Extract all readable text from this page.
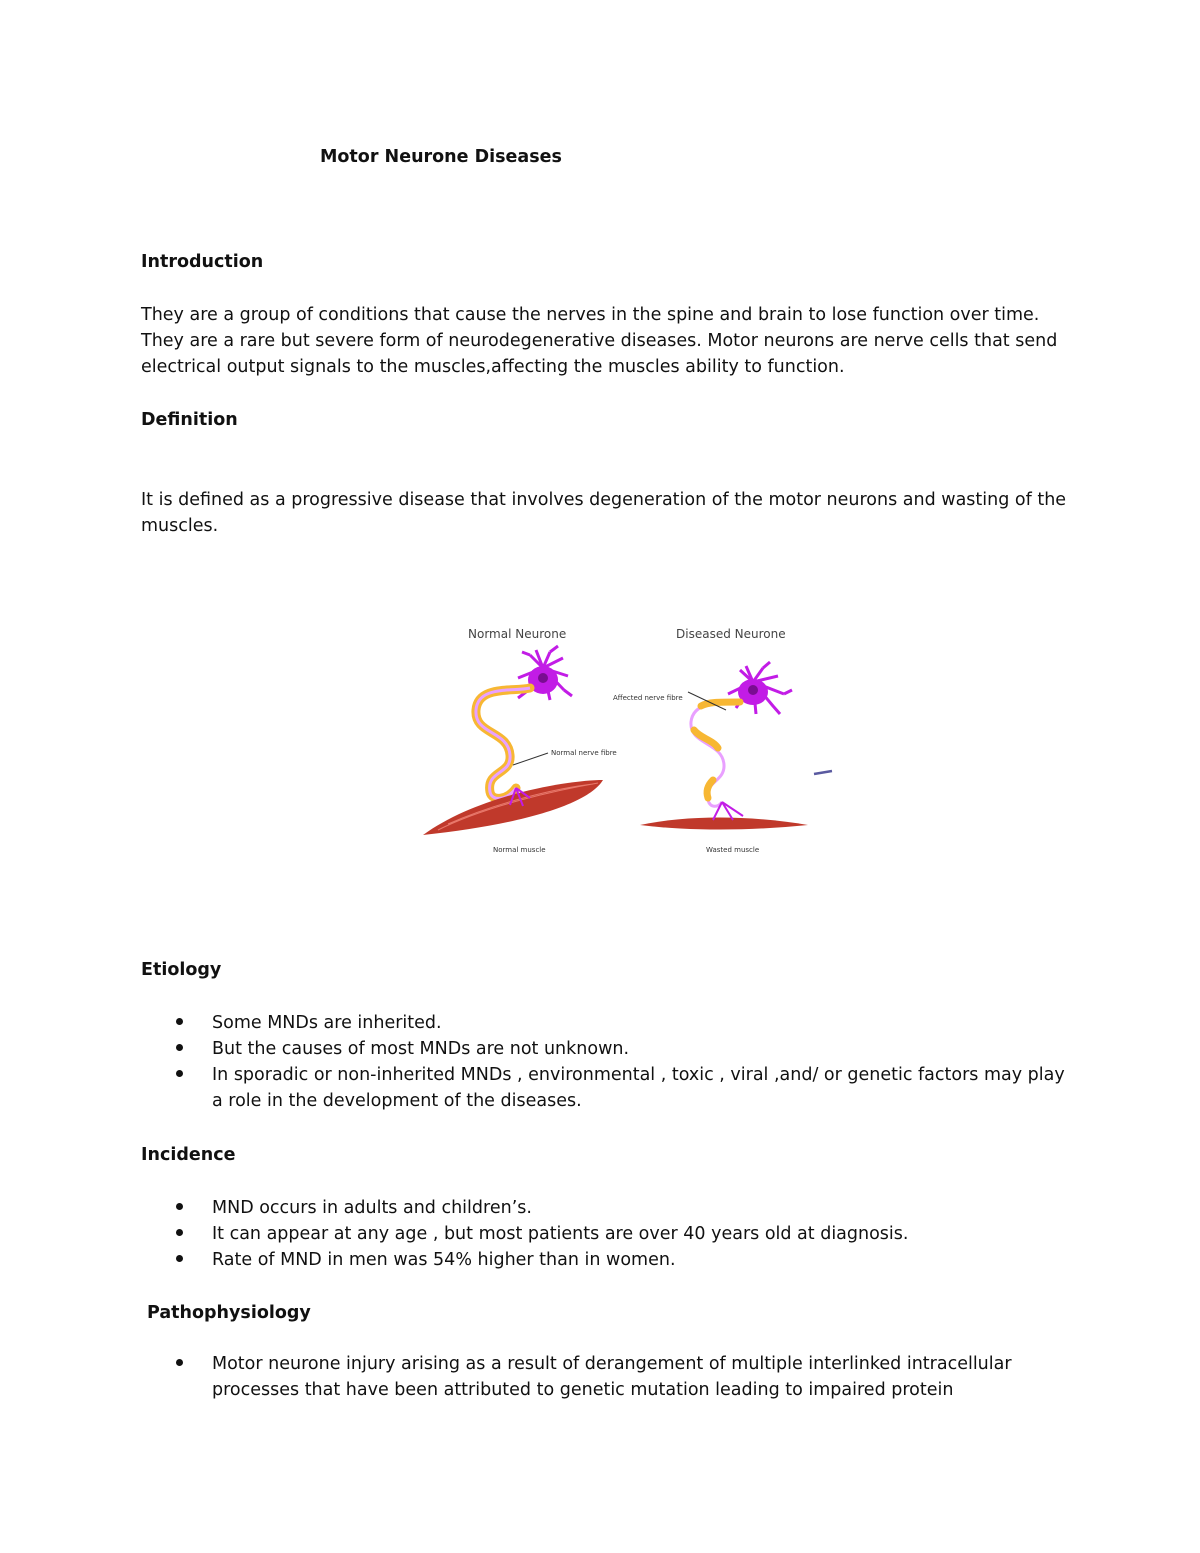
Motor Neurone Diseases

Introduction

They are a group of conditions that cause the nerves in the spine and brain to lose function over time.

They are a rare but severe form of neurodegenerative diseases. Motor neurons are nerve cells that send

electrical output signals to the muscles,affecting the muscles ability to function.

Definition

It is defined as a progressive disease that involves degeneration of the motor neurons and wasting of the

muscles.

Normal Neurone	Diseased Neurone
Normal nerve fibre
Normal muscle
Affected nerve fibre
Wasted muscle

Etiology

Some MNDs are inherited.

But the causes of most MNDs are not unknown.

In sporadic or non-inherited MNDs , environmental , toxic , viral ,and/ or genetic factors may play

a role in the development of the diseases.

Incidence

MND occurs in adults and children’s.

It can appear at any age , but most patients are over 40 years old at diagnosis.

Rate of MND in men was 54% higher than in women.

Pathophysiology

Motor neurone injury arising as a result of derangement of multiple interlinked intracellular

processes that have been attributed to genetic mutation leading to impaired protein
